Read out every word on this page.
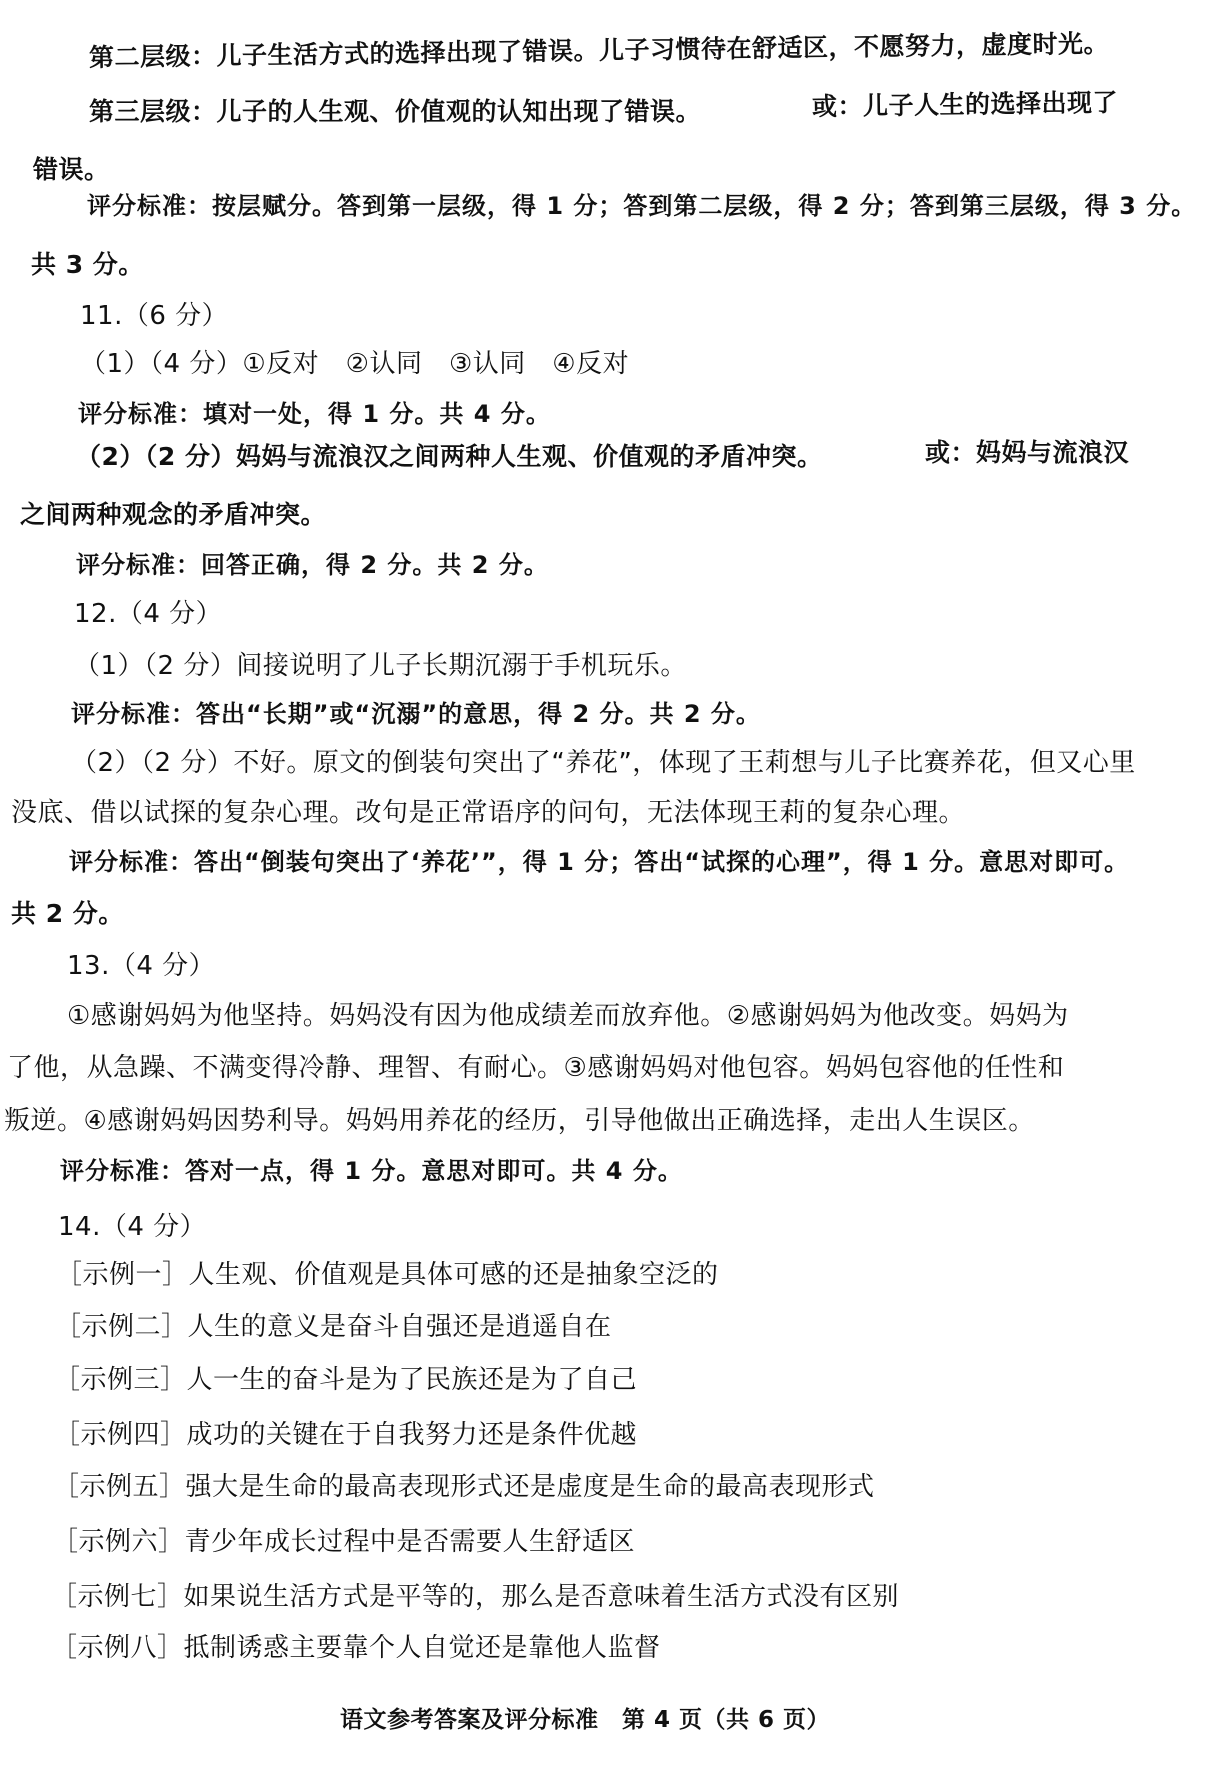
第二层级：儿子生活方式的选择出现了错误。儿子习惯待在舒适区，不愿努力，虚度时光。
第三层级：儿子的人生观、价值观的认知出现了错误。	或：儿子人生的选择出现了
错误。
评分标准：按层赋分。答到第一层级，得 1 分；答到第二层级，得 2 分；答到第三层级，得 3 分。
共 3 分。
11.（6 分）
（1）（4 分）①反对　②认同　③认同　④反对
评分标准：填对一处，得 1 分。共 4 分。
（2）（2 分）妈妈与流浪汉之间两种人生观、价值观的矛盾冲突。	或：妈妈与流浪汉
之间两种观念的矛盾冲突。
评分标准：回答正确，得 2 分。共 2 分。
12.（4 分）
（1）（2 分）间接说明了儿子长期沉溺于手机玩乐。
评分标准：答出“长期”或“沉溺”的意思，得 2 分。共 2 分。
（2）（2 分）不好。原文的倒装句突出了“养花”，体现了王莉想与儿子比赛养花，但又心里
没底、借以试探的复杂心理。改句是正常语序的问句，无法体现王莉的复杂心理。
评分标准：答出“倒装句突出了‘养花’”，得 1 分；答出“试探的心理”，得 1 分。意思对即可。
共 2 分。
13.（4 分）
①感谢妈妈为他坚持。妈妈没有因为他成绩差而放弃他。②感谢妈妈为他改变。妈妈为
了他，从急躁、不满变得冷静、理智、有耐心。③感谢妈妈对他包容。妈妈包容他的任性和
叛逆。④感谢妈妈因势利导。妈妈用养花的经历，引导他做出正确选择，走出人生误区。
评分标准：答对一点，得 1 分。意思对即可。共 4 分。
14.（4 分）
［示例一］人生观、价值观是具体可感的还是抽象空泛的
［示例二］人生的意义是奋斗自强还是逍遥自在
［示例三］人一生的奋斗是为了民族还是为了自己
［示例四］成功的关键在于自我努力还是条件优越
［示例五］强大是生命的最高表现形式还是虚度是生命的最高表现形式
［示例六］青少年成长过程中是否需要人生舒适区
［示例七］如果说生活方式是平等的，那么是否意味着生活方式没有区别
［示例八］抵制诱惑主要靠个人自觉还是靠他人监督
语文参考答案及评分标准　第 4 页（共 6 页）
